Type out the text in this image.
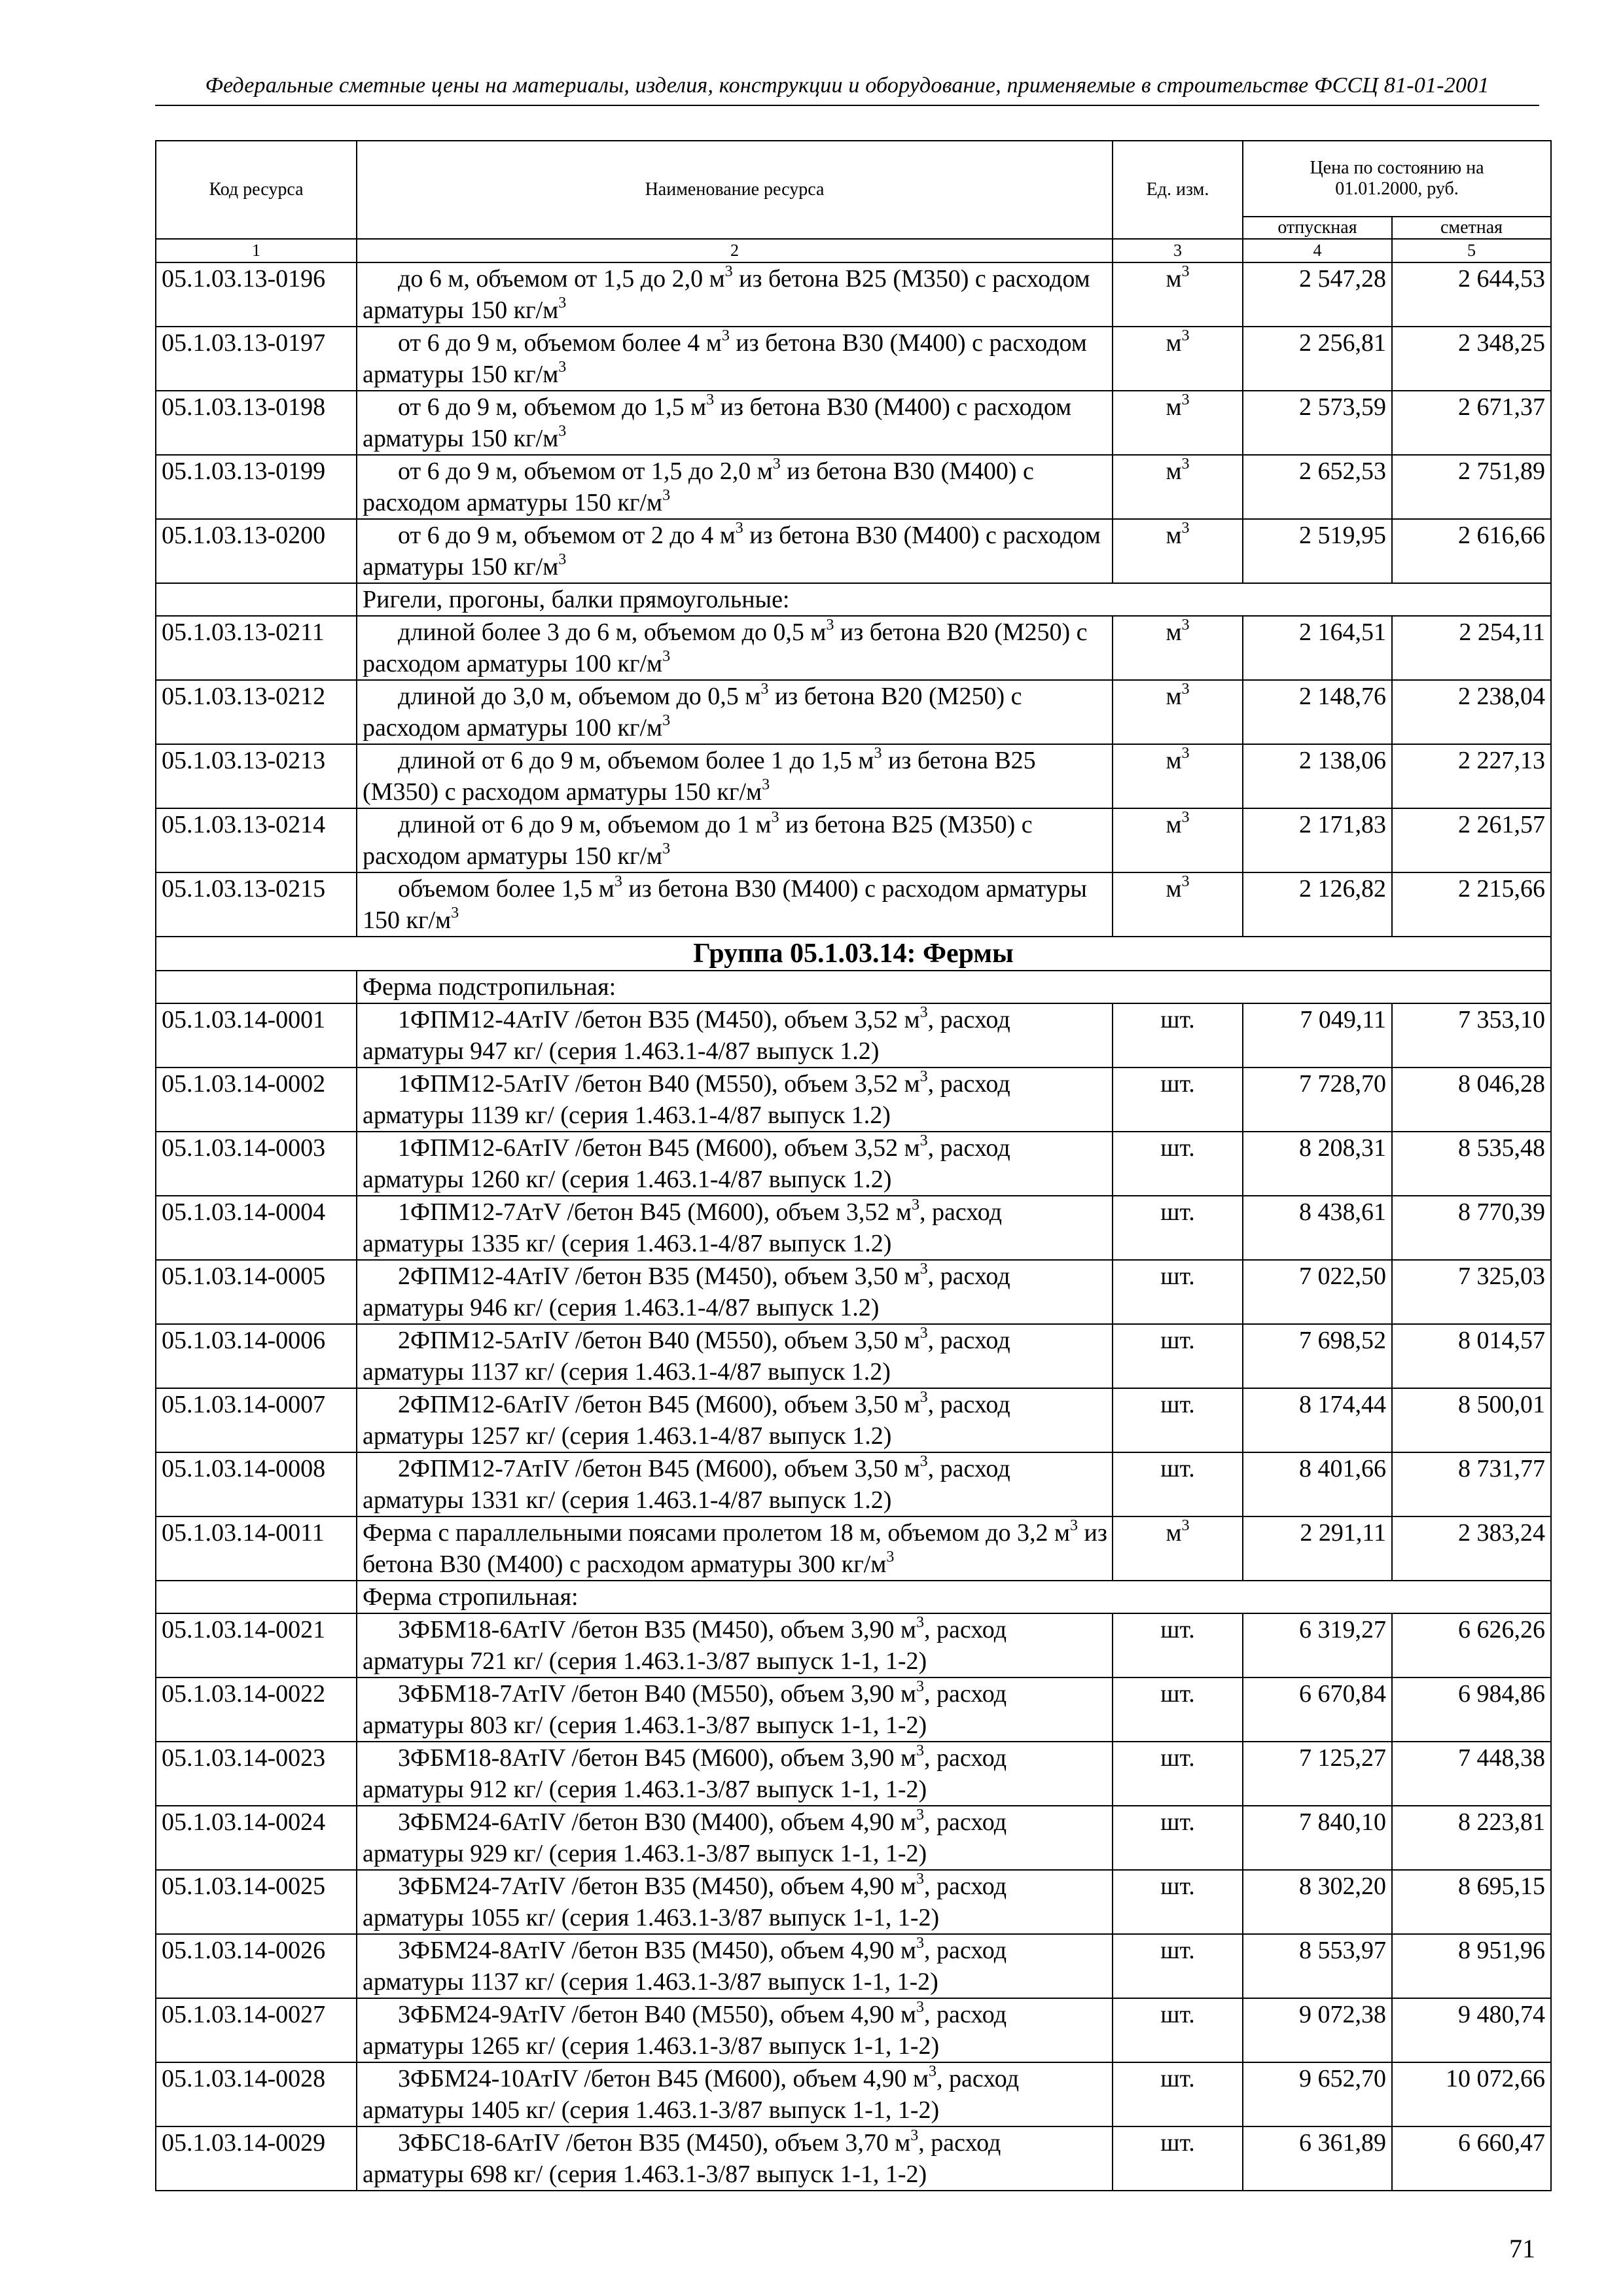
Федеральные сметные цены на материалы, изделия, конструкции и оборудование, применяемые в строительстве ФССЦ 81-01-2001
Код ресурса	Наименование ресурса	Ед. изм.	Цена по состоянию на 01.01.2000, руб.	
			отпускная	сметная
1	2	3	4	5
05.1.03.13-0196	до 6 м, объемом от 1,5 до 2,0 $м^3$ из бетона В25 (М350) с расходом арматуры 150 $кг/м^3$	$м^3$	2 547,28	2 644,53
05.1.03.13-0197	от 6 до 9 м, объемом более 4 $м^3$ из бетона В30 (М400) с расходом арматуры 150 $кг/м^3$	$м^3$	2 256,81	2 348,25
05.1.03.13-0198	от 6 до 9 м, объемом до 1,5 $м^3$ из бетона В30 (М400) с расходом арматуры 150 $кг/м^3$	$м^3$	2 573,59	2 671,37
05.1.03.13-0199	от 6 до 9 м, объемом от 1,5 до 2,0 $м^3$ из бетона В30 (М400) с расходом арматуры 150 $кг/м^3$	$м^3$	2 652,53	2 751,89
05.1.03.13-0200	от 6 до 9 м, объемом от 2 до 4 $м^3$ из бетона В30 (М400) с расходом арматуры 150 $кг/м^3$	$м^3$	2 519,95	2 616,66
	Ригели, прогоны, балки прямоугольные:			
05.1.03.13-0211	длиной более 3 до 6 м, объемом до 0,5 $м^3$ из бетона В20 (М250) с расходом арматуры 100 $кг/м^3$	$м^3$	2 164,51	2 254,11
05.1.03.13-0212	длиной до 3,0 м, объемом до 0,5 $м^3$ из бетона В20 (М250) с расходом арматуры 100 $кг/м^3$	$м^3$	2 148,76	2 238,04
05.1.03.13-0213	длиной от 6 до 9 м, объемом более 1 до 1,5 $м^3$ из бетона В25 (М350) с расходом арматуры 150 $кг/м^3$	$м^3$	2 138,06	2 227,13
05.1.03.13-0214	длиной от 6 до 9 м, объемом до 1 $м^3$ из бетона В25 (М350) с расходом арматуры 150 $кг/м^3$	$м^3$	2 171,83	2 261,57
05.1.03.13-0215	объемом более 1,5 $м^3$ из бетона В30 (М400) с расходом арматуры 150 $кг/м^3$	$м^3$	2 126,82	2 215,66
Группа 05.1.03.14: Фермы				
	Ферма подстропильная:			
05.1.03.14-0001	1ФПМ12-4АтIV /бетон В35 (М450), объем 3,52 $м^3$, расход арматуры 947 кг/ (серия 1.463.1-4/87 выпуск 1.2)	шт.	7 049,11	7 353,10
05.1.03.14-0002	1ФПМ12-5АтIV /бетон В40 (М550), объем 3,52 $м^3$, расход арматуры 1139 кг/ (серия 1.463.1-4/87 выпуск 1.2)	шт.	7 728,70	8 046,28
05.1.03.14-0003	1ФПМ12-6АтIV /бетон В45 (М600), объем 3,52 $м^3$, расход арматуры 1260 кг/ (серия 1.463.1-4/87 выпуск 1.2)	шт.	8 208,31	8 535,48
05.1.03.14-0004	1ФПМ12-7АтV /бетон В45 (М600), объем 3,52 $м^3$, расход арматуры 1335 кг/ (серия 1.463.1-4/87 выпуск 1.2)	шт.	8 438,61	8 770,39
05.1.03.14-0005	2ФПМ12-4АтIV /бетон В35 (М450), объем 3,50 $м^3$, расход арматуры 946 кг/ (серия 1.463.1-4/87 выпуск 1.2)	шт.	7 022,50	7 325,03
05.1.03.14-0006	2ФПМ12-5АтIV /бетон В40 (М550), объем 3,50 $м^3$, расход арматуры 1137 кг/ (серия 1.463.1-4/87 выпуск 1.2)	шт.	7 698,52	8 014,57
05.1.03.14-0007	2ФПМ12-6АтIV /бетон В45 (М600), объем 3,50 $м^3$, расход арматуры 1257 кг/ (серия 1.463.1-4/87 выпуск 1.2)	шт.	8 174,44	8 500,01
05.1.03.14-0008	2ФПМ12-7АтIV /бетон В45 (М600), объем 3,50 $м^3$, расход арматуры 1331 кг/ (серия 1.463.1-4/87 выпуск 1.2)	шт.	8 401,66	8 731,77
05.1.03.14-0011	Ферма с параллельными поясами пролетом 18 м, объемом до 3,2 $м^3$ из бетона В30 (М400) с расходом арматуры 300 $кг/м^3$	$м^3$	2 291,11	2 383,24
	Ферма стропильная:			
05.1.03.14-0021	3ФБМ18-6АтIV /бетон В35 (М450), объем 3,90 $м^3$, расход арматуры 721 кг/ (серия 1.463.1-3/87 выпуск 1-1, 1-2)	шт.	6 319,27	6 626,26
05.1.03.14-0022	3ФБМ18-7АтIV /бетон В40 (М550), объем 3,90 $м^3$, расход арматуры 803 кг/ (серия 1.463.1-3/87 выпуск 1-1, 1-2)	шт.	6 670,84	6 984,86
05.1.03.14-0023	3ФБМ18-8АтIV /бетон В45 (М600), объем 3,90 $м^3$, расход арматуры 912 кг/ (серия 1.463.1-3/87 выпуск 1-1, 1-2)	шт.	7 125,27	7 448,38
05.1.03.14-0024	3ФБМ24-6АтIV /бетон В30 (М400), объем 4,90 $м^3$, расход арматуры 929 кг/ (серия 1.463.1-3/87 выпуск 1-1, 1-2)	шт.	7 840,10	8 223,81
05.1.03.14-0025	3ФБМ24-7АтIV /бетон В35 (М450), объем 4,90 $м^3$, расход арматуры 1055 кг/ (серия 1.463.1-3/87 выпуск 1-1, 1-2)	шт.	8 302,20	8 695,15
05.1.03.14-0026	3ФБМ24-8АтIV /бетон В35 (М450), объем 4,90 $м^3$, расход арматуры 1137 кг/ (серия 1.463.1-3/87 выпуск 1-1, 1-2)	шт.	8 553,97	8 951,96
05.1.03.14-0027	3ФБМ24-9АтIV /бетон В40 (М550), объем 4,90 $м^3$, расход арматуры 1265 кг/ (серия 1.463.1-3/87 выпуск 1-1, 1-2)	шт.	9 072,38	9 480,74
05.1.03.14-0028	3ФБМ24-10АтIV /бетон В45 (М600), объем 4,90 $м^3$, расход арматуры 1405 кг/ (серия 1.463.1-3/87 выпуск 1-1, 1-2)	шт.	9 652,70	10 072,66
05.1.03.14-0029	3ФБС18-6АтIV /бетон В35 (М450), объем 3,70 $м^3$, расход арматуры 698 кг/ (серия 1.463.1-3/87 выпуск 1-1, 1-2)	шт.	6 361,89	6 660,47
71
